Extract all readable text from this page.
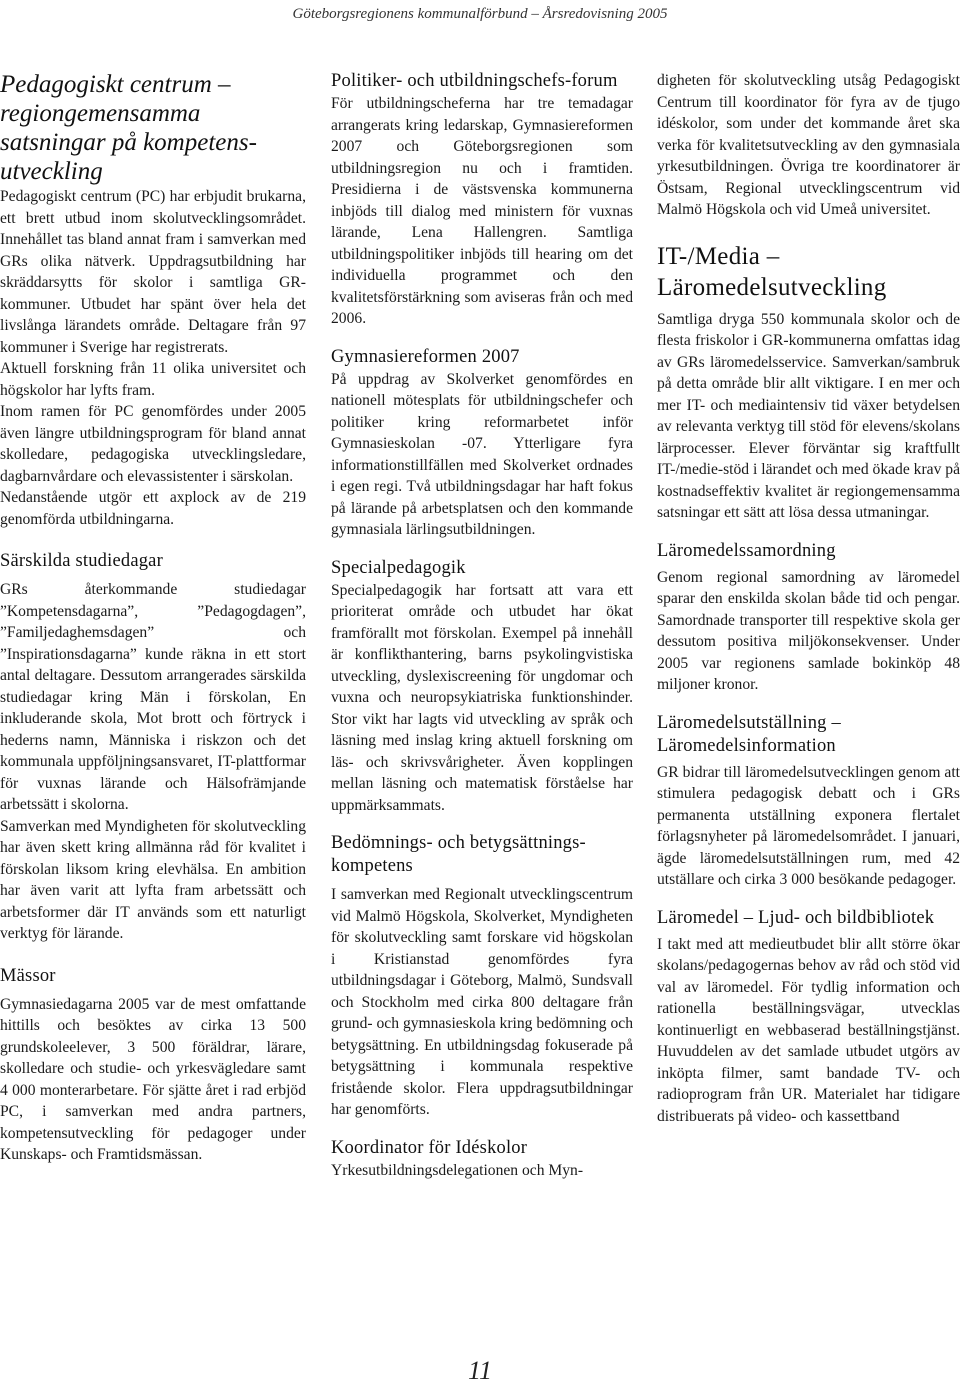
Göteborgsregionens kommunalförbund – Årsredovisning 2005
Pedagogiskt centrum – regiongemensamma satsningar på kompetens-utveckling

Pedagogiskt centrum (PC) har erbjudit brukarna, ett brett utbud inom skolutvecklingsområdet. Innehållet tas bland annat fram i samverkan med GRs olika nätverk. Uppdragsutbildning har skräddarsytts för skolor i samtliga GR-kommuner. Utbudet har spänt över hela det livslånga lärandets område. Deltagare från 97 kommuner i Sverige har registrerats.

Aktuell forskning från 11 olika universitet och högskolor har lyfts fram.

Inom ramen för PC genomfördes under 2005 även längre utbildningsprogram för bland annat skolledare, pedagogiska utvecklingsledare, dagbarnvårdare och elevassistenter i särskolan.

Nedanstående utgör ett axplock av de 219 genomförda utbildningarna.

Särskilda studiedagar

GRs återkommande studiedagar ”Kompetensdagarna”, ”Pedagogdagen”, ”Familjedaghemsdagen” och ”Inspirationsdagarna” kunde räkna in ett stort antal deltagare. Dessutom arrangerades särskilda studiedagar kring Män i förskolan, En inkluderande skola, Mot brott och förtryck i hederns namn, Människa i riskzon och det kommunala uppföljningsansvaret, IT-plattformar för vuxnas lärande och Hälsofrämjande arbetssätt i skolorna.

Samverkan med Myndigheten för skolutveckling har även skett kring allmänna råd för kvalitet i förskolan liksom kring elevhälsa. En ambition har även varit att lyfta fram arbetssätt och arbetsformer där IT används som ett naturligt verktyg för lärande.

Mässor

Gymnasiedagarna 2005 var de mest omfattande hittills och besöktes av cirka 13 500 grundskoleelever, 3 500 föräldrar, lärare, skolledare och studie- och yrkesvägledare samt 4 000 monterarbetare. För sjätte året i rad erbjöd PC, i samverkan med andra partners, kompetensutveckling för pedagoger under Kunskaps- och Framtidsmässan.

Politiker- och utbildningschefs-forum

För utbildningscheferna har tre temadagar arrangerats kring ledarskap, Gymnasiereformen 2007 och Göteborgsregionen som utbildningsregion nu och i framtiden. Presidierna i de västsvenska kommunerna inbjöds till dialog med ministern för vuxnas lärande, Lena Hallengren. Samtliga utbildningspolitiker inbjöds till hearing om det individuella programmet och den kvalitetsförstärkning som aviseras från och med 2006.

Gymnasiereformen 2007

På uppdrag av Skolverket genomfördes en nationell mötesplats för utbildningschefer och politiker kring reformarbetet inför Gymnasieskolan -07. Ytterligare fyra informationstillfällen med Skolverket ordnades i egen regi. Två utbildningsdagar har haft fokus på lärande på arbetsplatsen och den kommande gymnasiala lärlingsutbildningen.

Specialpedagogik

Specialpedagogik har fortsatt att vara ett prioriterat område och utbudet har ökat framförallt mot förskolan. Exempel på innehåll är konflikthantering, barns psykolingvistiska utveckling, dyslexiscreening för ungdomar och vuxna och neuropsykiatriska funktionshinder. Stor vikt har lagts vid utveckling av språk och läsning med inslag kring aktuell forskning om läs- och skrivsvårigheter. Även kopplingen mellan läsning och matematisk förståelse har uppmärksammats.

Bedömnings- och betygsättnings-kompetens

I samverkan med Regionalt utvecklingscentrum vid Malmö Högskola, Skolverket, Myndigheten för skolutveckling samt forskare vid högskolan i Kristianstad genomfördes fyra utbildningsdagar i Göteborg, Malmö, Sundsvall och Stockholm med cirka 800 deltagare från grund- och gymnasieskola kring bedömning och betygsättning. En utbildningsdag fokuserade på betygsättning i kommunala respektive fristående skolor. Flera uppdragsutbildningar har genomförts.

Koordinator för Idéskolor

Yrkesutbildningsdelegationen och Myn-

digheten för skolutveckling utsåg Pedagogiskt Centrum till koordinator för fyra av de tjugo idéskolor, som under det kommande året ska verka för kvalitetsutveckling av den gymnasiala yrkesutbildningen. Övriga tre koordinatorer är Östsam, Regional utvecklingscentrum vid Malmö Högskola och vid Umeå universitet.

IT-/Media – Läromedelsutveckling

Samtliga dryga 550 kommunala skolor och de flesta friskolor i GR-kommunerna omfattas idag av GRs läromedelsservice. Samverkan/sambruk på detta område blir allt viktigare. I en mer och mer IT- och mediaintensiv tid växer betydelsen av relevanta verktyg till stöd för elevens/skolans lärprocesser. Elever förväntar sig kraftfullt IT-/medie-stöd i lärandet och med ökade krav på kostnadseffektiv kvalitet är regiongemensamma satsningar ett sätt att lösa dessa utmaningar.

Läromedelssamordning

Genom regional samordning av läromedel sparar den enskilda skolan både tid och pengar. Samordnade transporter till respektive skola ger dessutom positiva miljökonsekvenser. Under 2005 var regionens samlade bokinköp 48 miljoner kronor.

Läromedelsutställning – Läromedelsinformation

GR bidrar till läromedelsutvecklingen genom att stimulera pedagogisk debatt och i GRs permanenta utställning exponera flertalet förlagsnyheter på läromedelsområdet. I januari, ägde läromedelsutställningen rum, med 42 utställare och cirka 3 000 besökande pedagoger.

Läromedel – Ljud- och bildbibliotek

I takt med att medieutbudet blir allt större ökar skolans/pedagogernas behov av råd och stöd vid val av läromedel. För tydlig information och rationella beställningsvägar, utvecklas kontinuerligt en webbaserad beställningstjänst. Huvuddelen av det samlade utbudet utgörs av inköpta filmer, samt bandade TV- och radioprogram från UR. Materialet har tidigare distribuerats på video- och kassettband

11
